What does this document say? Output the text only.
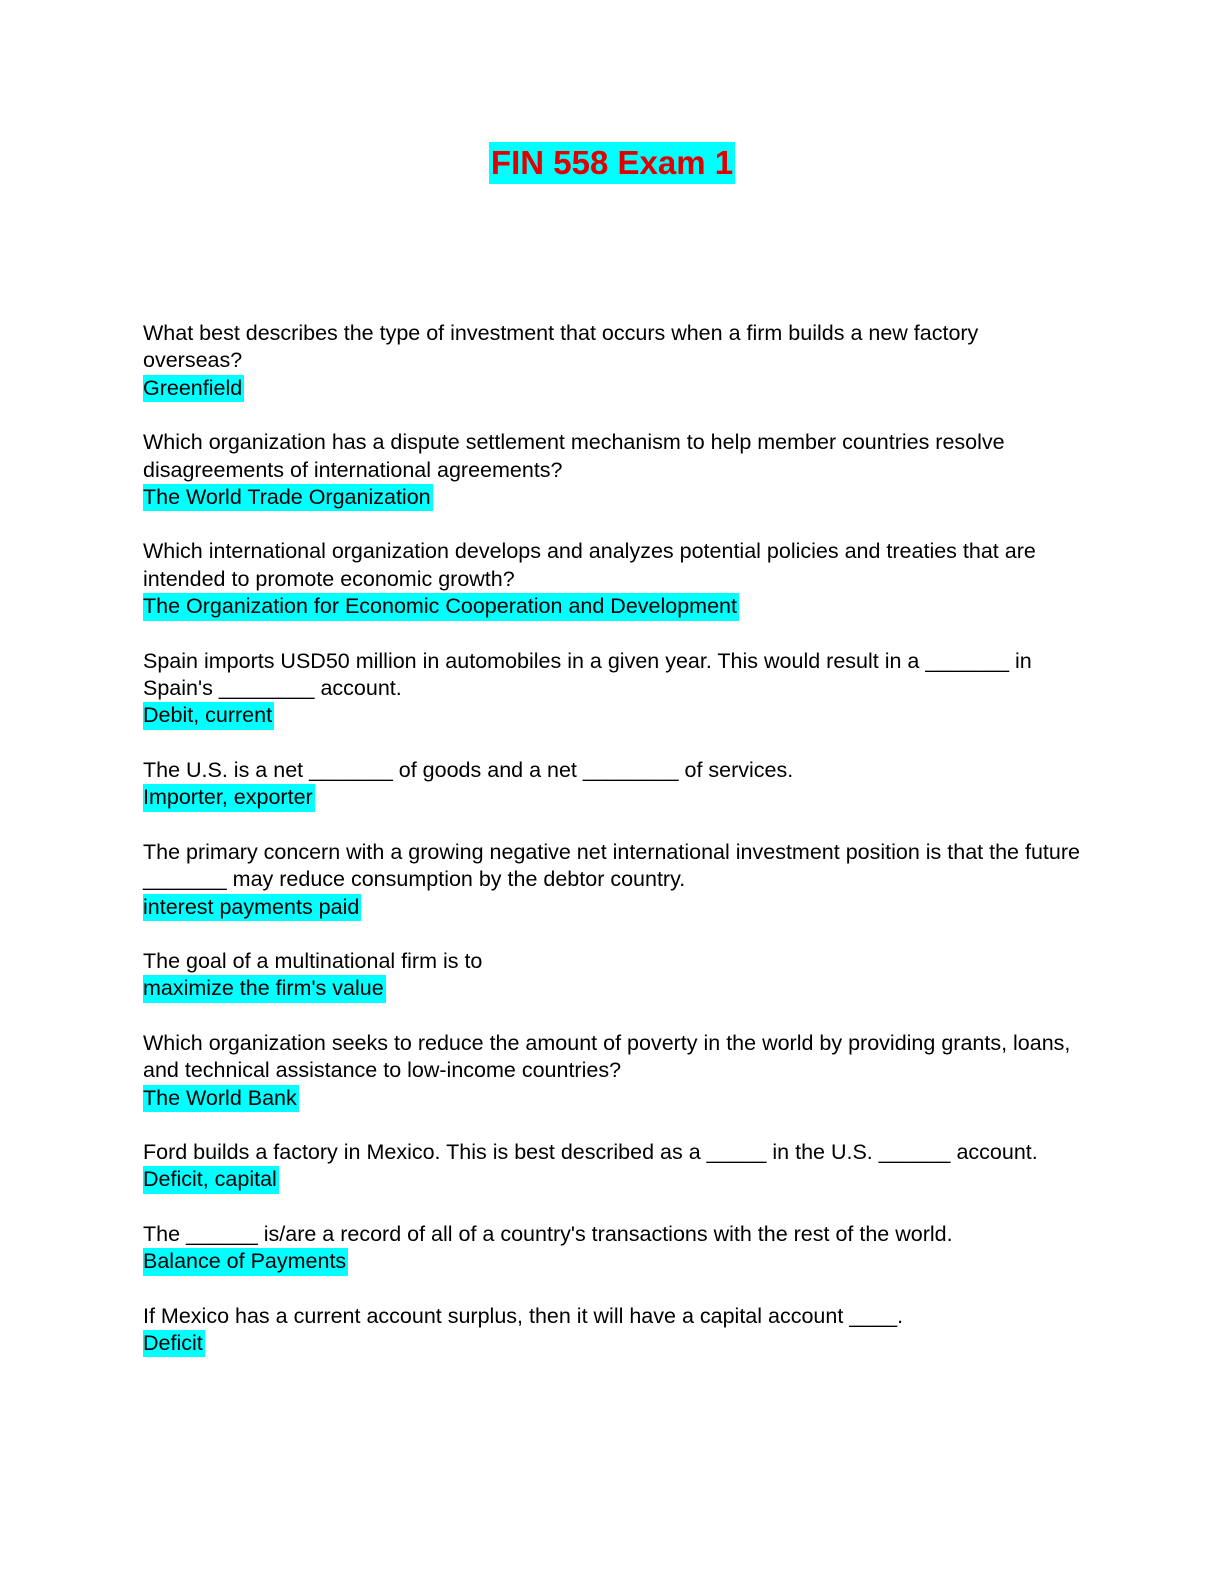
FIN 558 Exam 1

What best describes the type of investment that occurs when a firm builds a new factory overseas?

Greenfield

Which organization has a dispute settlement mechanism to help member countries resolve disagreements of international agreements?

The World Trade Organization

Which international organization develops and analyzes potential policies and treaties that are intended to promote economic growth?

The Organization for Economic Cooperation and Development

Spain imports USD50 million in automobiles in a given year. This would result in a _______ in Spain's ________ account.

Debit, current

The U.S. is a net _______ of goods and a net ________ of services.

Importer, exporter

The primary concern with a growing negative net international investment position is that the future _______ may reduce consumption by the debtor country.

interest payments paid

The goal of a multinational firm is to

maximize the firm's value

Which organization seeks to reduce the amount of poverty in the world by providing grants, loans, and technical assistance to low-income countries?

The World Bank

Ford builds a factory in Mexico. This is best described as a _____ in the U.S. ______ account.

Deficit, capital

The ______ is/are a record of all of a country's transactions with the rest of the world.

Balance of Payments

If Mexico has a current account surplus, then it will have a capital account ____.

Deficit
